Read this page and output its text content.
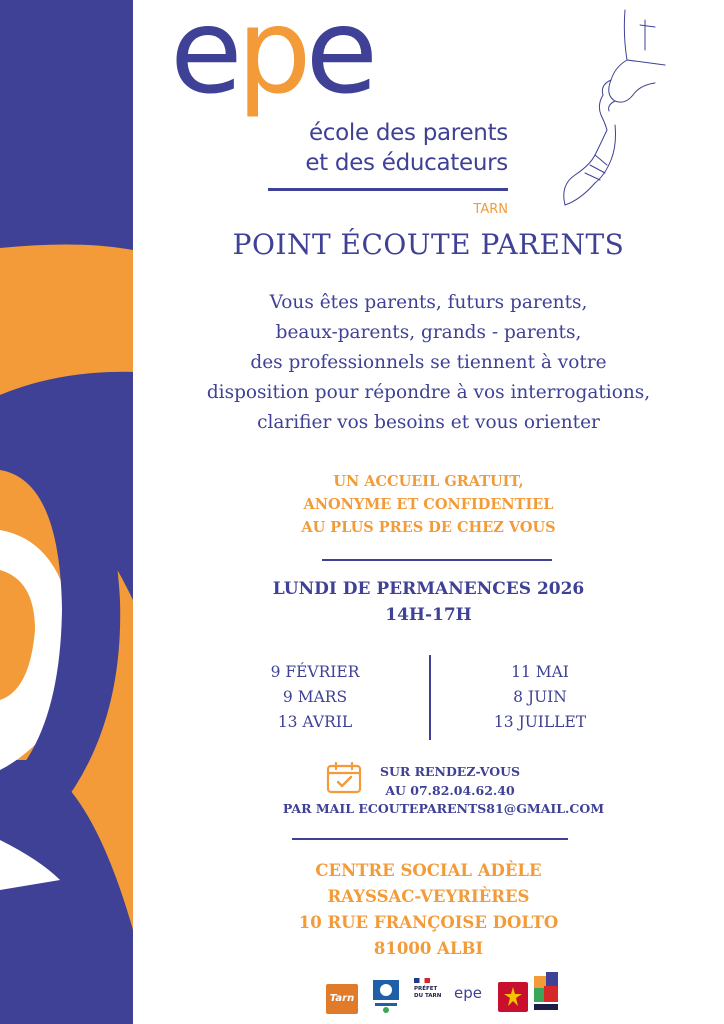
epe
école des parents
et des éducateurs
TARN
POINT ÉCOUTE PARENTS
Vous êtes parents, futurs parents,
beaux-parents, grands - parents,
des professionnels se tiennent à votre
disposition pour répondre à vos interrogations,
clarifier vos besoins et vous orienter
UN ACCUEIL GRATUIT,
ANONYME ET CONFIDENTIEL
AU PLUS PRES DE CHEZ VOUS
LUNDI DE PERMANENCES 2026
14H-17H
9 FÉVRIER
9 MARS
13 AVRIL
11 MAI
8 JUIN
13 JUILLET
SUR RENDEZ-VOUS
AU 07.82.04.62.40
PAR MAIL ECOUTEPARENTS81@GMAIL.COM
CENTRE SOCIAL ADÈLE
RAYSSAC-VEYRIÈRES
10 RUE FRANÇOISE DOLTO
81000 ALBI
Tarn
PRÉFET
DU TARN epe
